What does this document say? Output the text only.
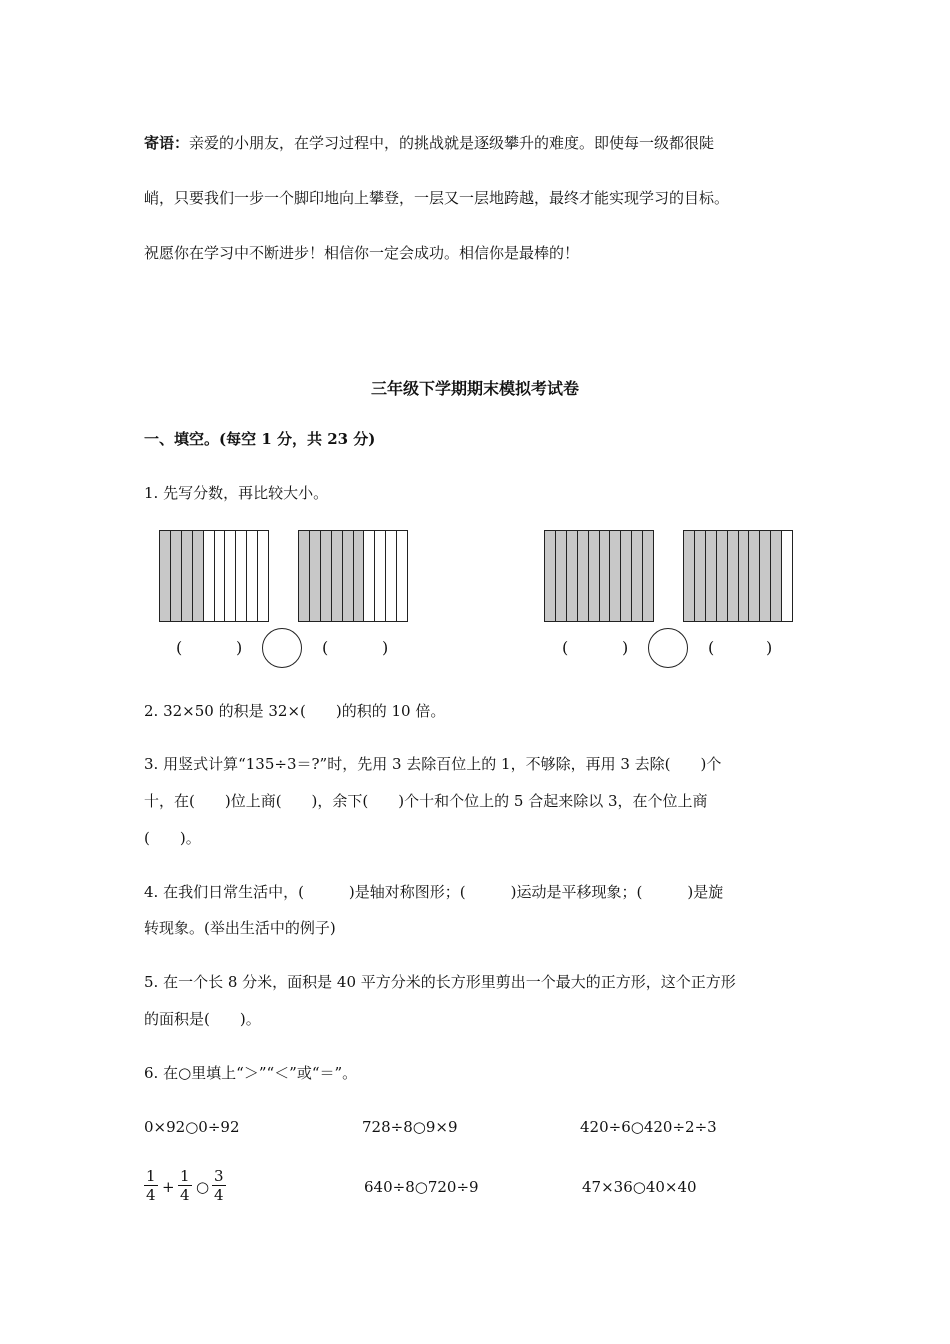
寄语：亲爱的小朋友，在学习过程中，的挑战就是逐级攀升的难度。即使每一级都很陡
峭，只要我们一步一个脚印地向上攀登，一层又一层地跨越，最终才能实现学习的目标。
祝愿你在学习中不断进步！相信你一定会成功。相信你是最棒的！
三年级下学期期末模拟考试卷
一、填空。(每空 1 分，共 23 分)
1. 先写分数，再比较大小。
(	)	(	)	(	)	(	)
2. 32×50 的积是 32×(　　)的积的 10 倍。
3. 用竖式计算“135÷3＝?”时，先用 3 去除百位上的 1，不够除，再用 3 去除(　　)个
十，在(　　)位上商(　　)，余下(　　)个十和个位上的 5 合起来除以 3，在个位上商
(　　)。
4. 在我们日常生活中，(　　　)是轴对称图形；(　　　)运动是平移现象；(　　　)是旋
转现象。(举出生活中的例子)
5. 在一个长 8 分米，面积是 40 平方分米的长方形里剪出一个最大的正方形，这个正方形
的面积是(　　)。
6. 在○里填上“＞”“＜”或“＝”。
0×92○0÷92	728÷8○9×9	420÷6○420÷2÷3
$\frac{1}{4} + \frac{1}{4}$ ○ $\frac{3}{4}$	640÷8○720÷9	47×36○40×40
